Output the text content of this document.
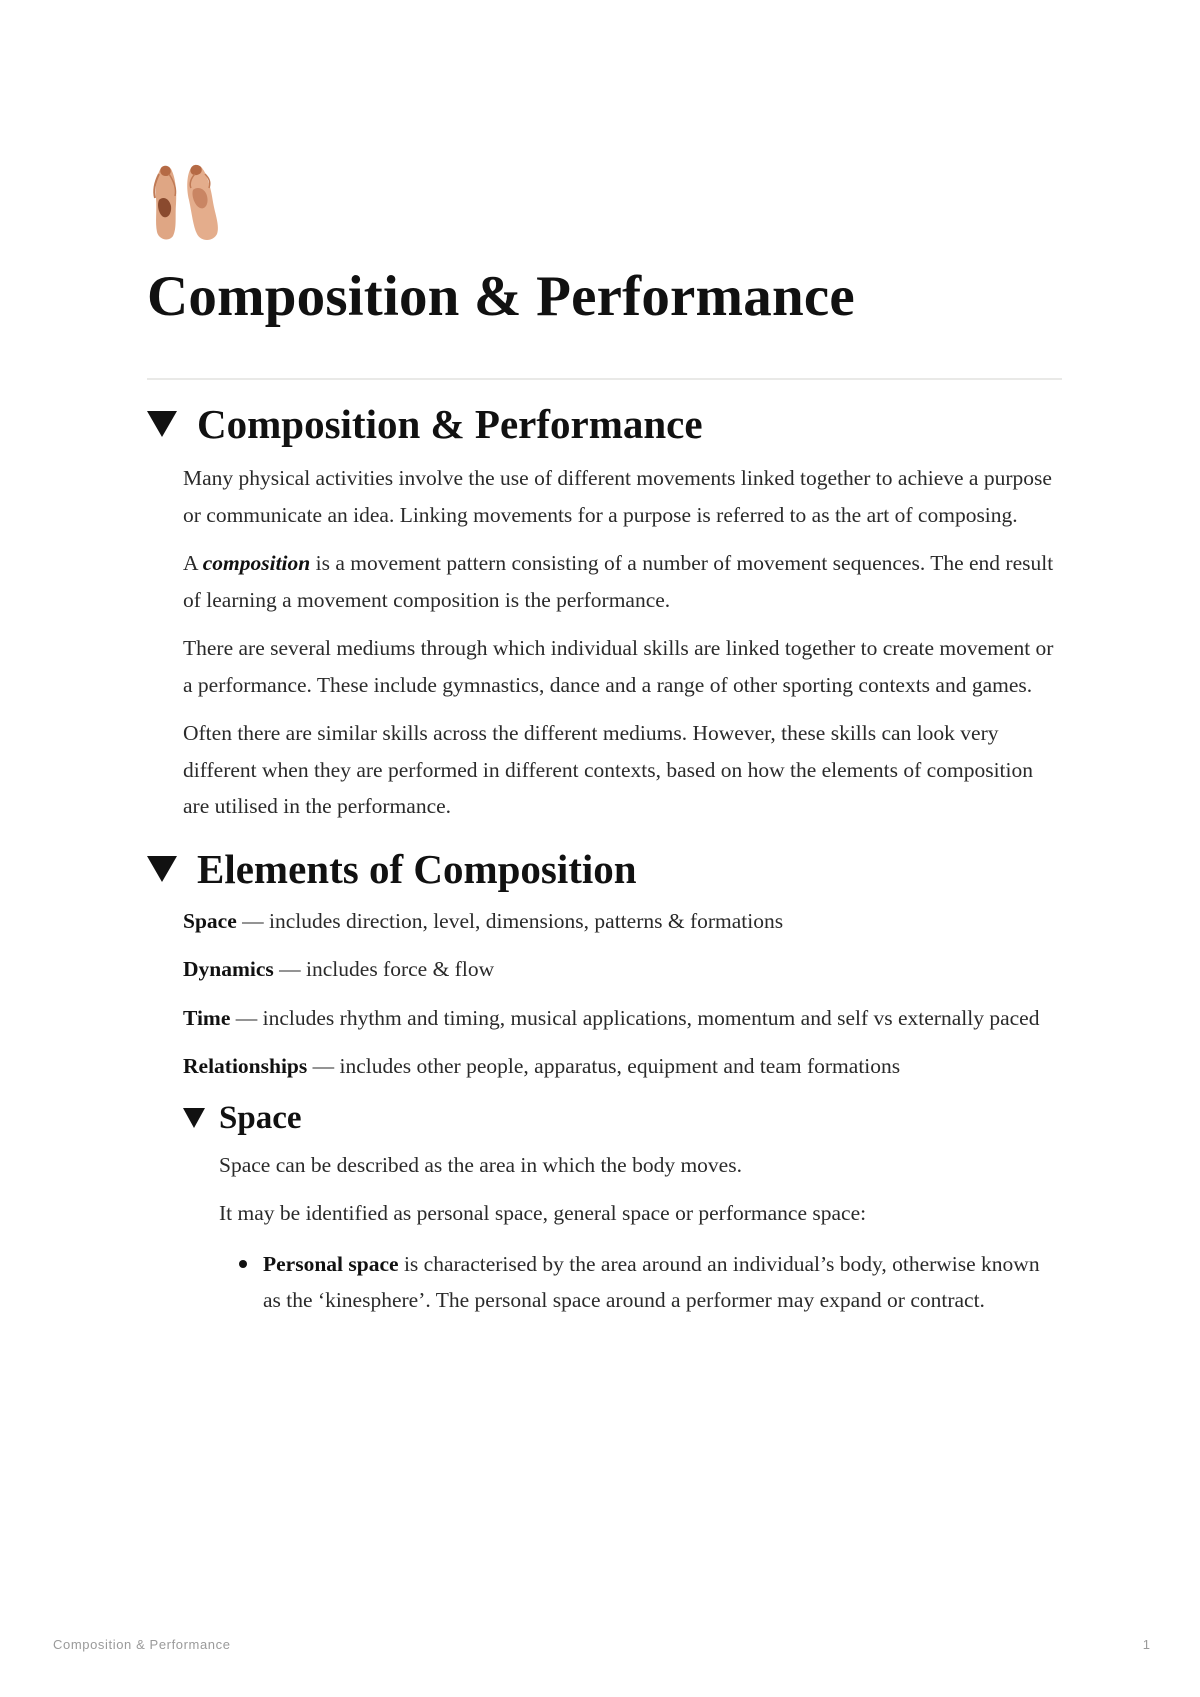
Composition & Performance
Composition & Performance

Many physical activities involve the use of different movements linked together to achieve a purpose or communicate an idea. Linking movements for a purpose is referred to as the art of composing.

A composition is a movement pattern consisting of a number of movement sequences. The end result of learning a movement composition is the performance.

There are several mediums through which individual skills are linked together to create movement or a performance. These include gymnastics, dance and a range of other sporting contexts and games.

Often there are similar skills across the different mediums. However, these skills can look very different when they are performed in different contexts, based on how the elements of composition are utilised in the performance.

Elements of Composition

Space — includes direction, level, dimensions, patterns & formations

Dynamics — includes force & flow

Time — includes rhythm and timing, musical applications, momentum and self vs externally paced

Relationships — includes other people, apparatus, equipment and team formations

Space

Space can be described as the area in which the body moves.

It may be identified as personal space, general space or performance space:

Personal space is characterised by the area around an individual’s body, otherwise known as the ‘kinesphere’. The personal space around a performer may expand or contract.
Composition & Performance	1
